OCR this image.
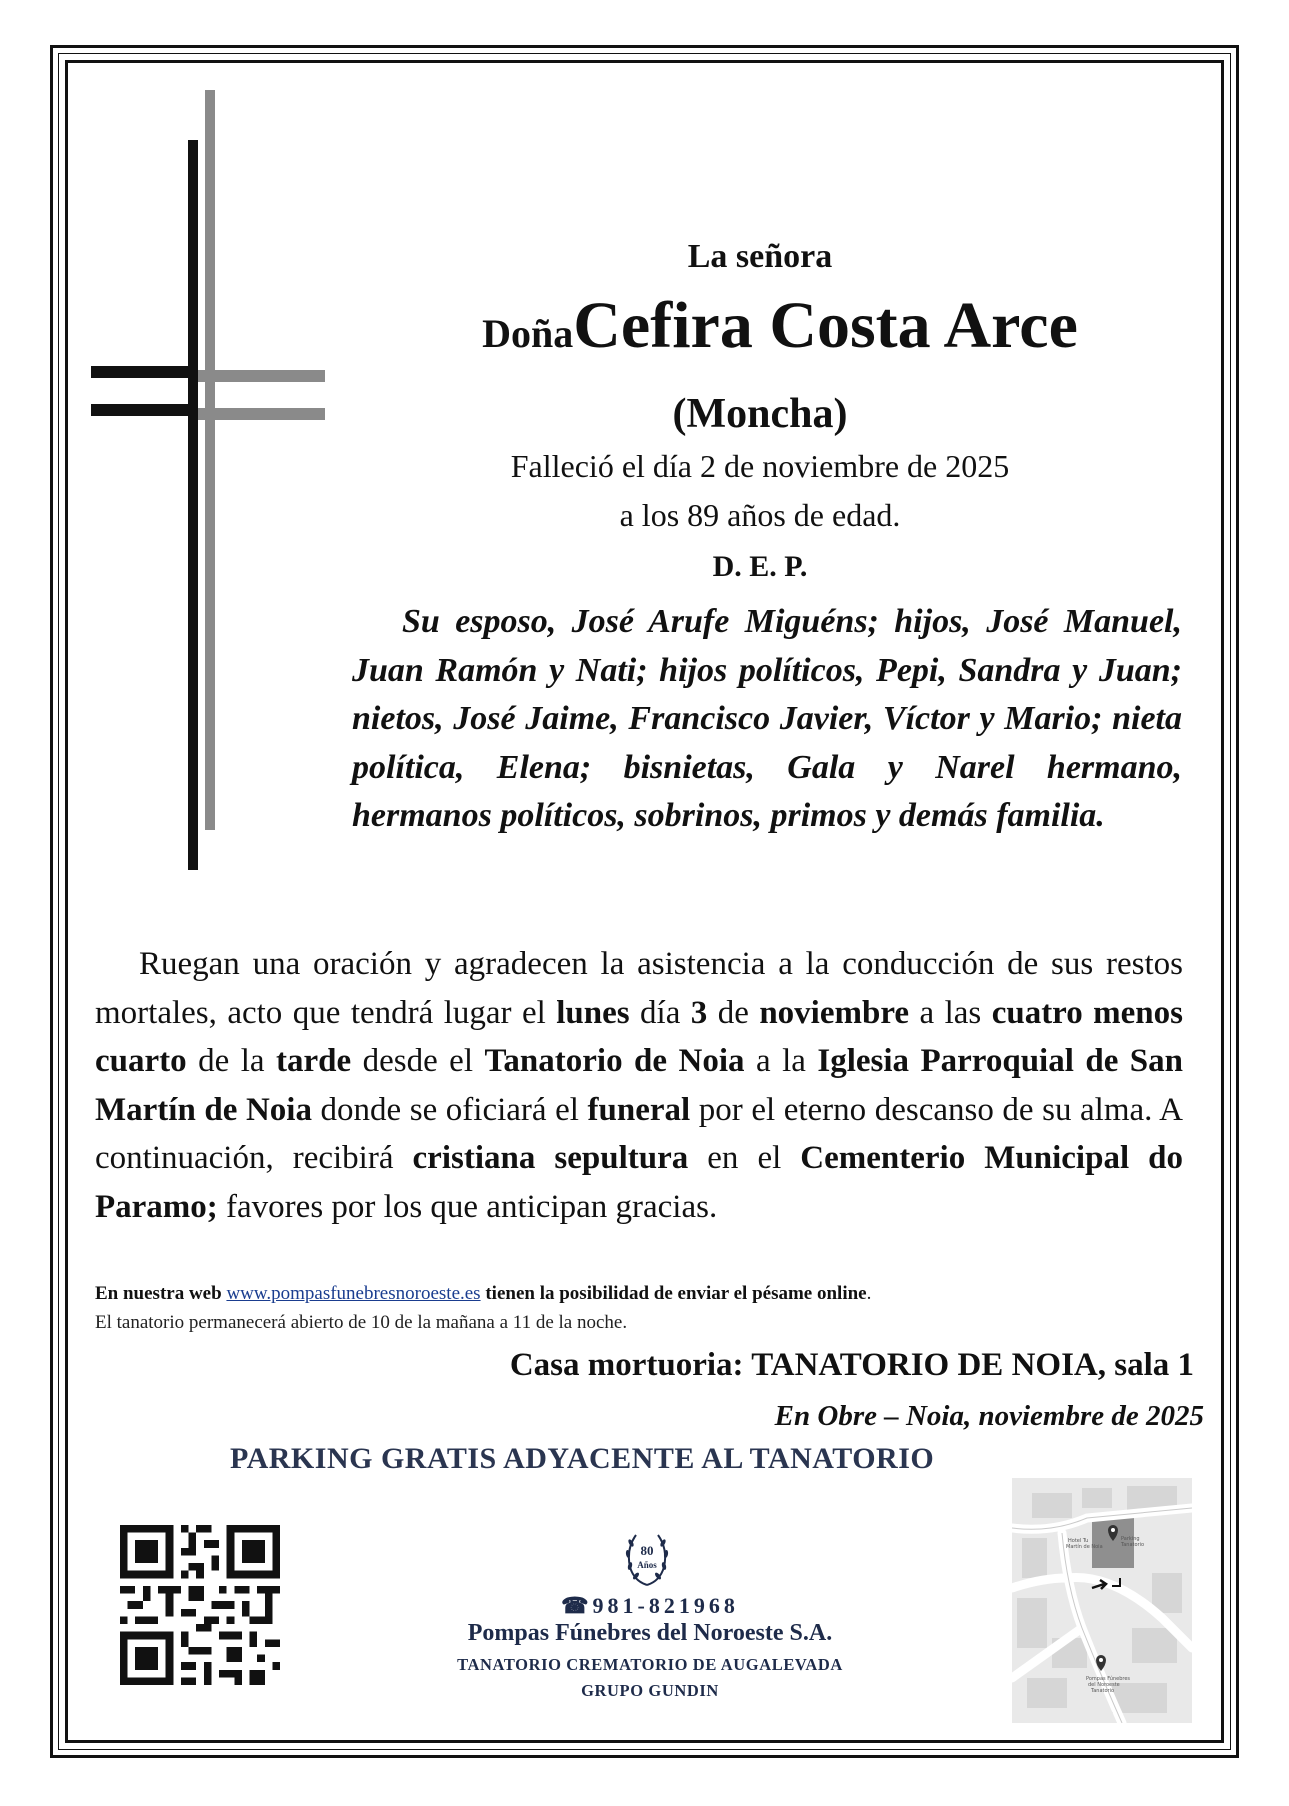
La señora
DoñaCefira Costa Arce
(Moncha)
Falleció el día 2 de noviembre de 2025
a los 89 años de edad.
D. E. P.
Su esposo, José Arufe Miguéns; hijos, José Manuel, Juan Ramón y Nati; hijos políticos, Pepi, Sandra y Juan; nietos, José Jaime, Francisco Javier, Víctor y Mario; nieta política, Elena; bisnietas, Gala y Narel hermano, hermanos políticos, sobrinos, primos y demás familia.
Ruegan una oración y agradecen la asistencia a la conducción de sus restos mortales, acto que tendrá lugar el lunes día 3 de noviembre a las cuatro menos cuarto de la tarde desde el Tanatorio de Noia a la Iglesia Parroquial de San Martín de Noia donde se oficiará el funeral por el eterno descanso de su alma. A continuación, recibirá cristiana sepultura en el Cementerio Municipal do Paramo; favores por los que anticipan gracias.
En nuestra web www.pompasfunebresnoroeste.es tienen la posibilidad de enviar el pésame online.
El tanatorio permanecerá abierto de 10 de la mañana a 11 de la noche.
Casa mortuoria: TANATORIO DE NOIA, sala 1
En Obre – Noia, noviembre de 2025
PARKING GRATIS ADYACENTE AL TANATORIO
80
Años
☎981-821968
Pompas Fúnebres del Noroeste S.A.
TANATORIO CREMATORIO DE AUGALEVADA
GRUPO GUNDIN
Hotel Tu
Martín de Noia
Parking
Tanatorio
Pompas Fúnebres
del Noroeste
Tanatorio
